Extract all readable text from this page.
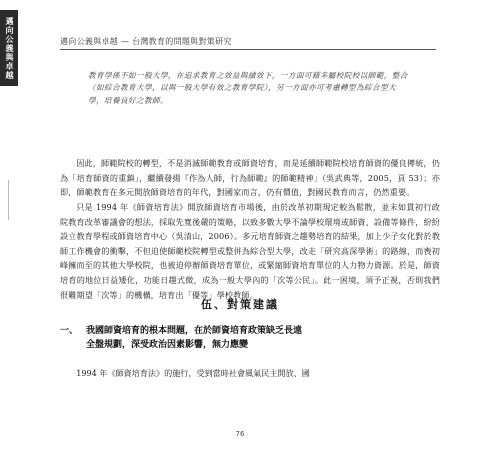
邁向公義與卓越	邁向公義與卓越 — 台灣教育的問題與對策研究
教育學係不如一般大學，在追求教育之效益與績效下，一方面可藉多屬校院校以師範，整合（如綜合教育大學，以與一般大學有效之教育學院），另一方面亦可考慮轉型為綜合型大學，培養良好之教師。

因此，師範院校的轉型，不是消滅師範教育或師資培育，而是延續師範院校培育師資的優良傳統，仍為「培育師資的重鎮」，繼續發揚『作為人師，行為師範』的師範精神」（吳武典等，2005，頁 53）；亦即，師範教育在多元開放師資培育的年代，對國家而言，仍有價值，對國民教育而言，仍然重要。

只是 1994 年《師資培育法》開放師資培育市場後，由於改革初期規定較為鬆散，並未如貫初行政院教育改革審議會的想法，採取先寬後嚴的策略，以致多數大學不論學校環境或師資、設備等條件，紛紛設立教育學程或師資培育中心（吳清山，2006）。多元培育師資之趨勢培育的結果，加上少子女化對於教師工作機會的衝擊，不但迫使師範校院轉型或整併為綜合型大學，改走「研究高深學術」的路線，而喪初峰擁而至的其他大學校院，也被迫停辦師資培育單位，或緊縮師資培育單位的人力物力資源。於是，師資培育的地位日益矮化，功能日趨式微，成為一般大學內的「次等公民」。此一困境，須予正視，否則我們很難期望「次等」的機構，培育出「優等」學校教師。

伍、對策建議
一、 我國師資培育的根本問題，在於師資培育政策缺乏長遠
全盤規劃，深受政治因素影響，無力應變
1994 年《師資培育法》的施行，受到當時社會風氣民主開放、國
76
